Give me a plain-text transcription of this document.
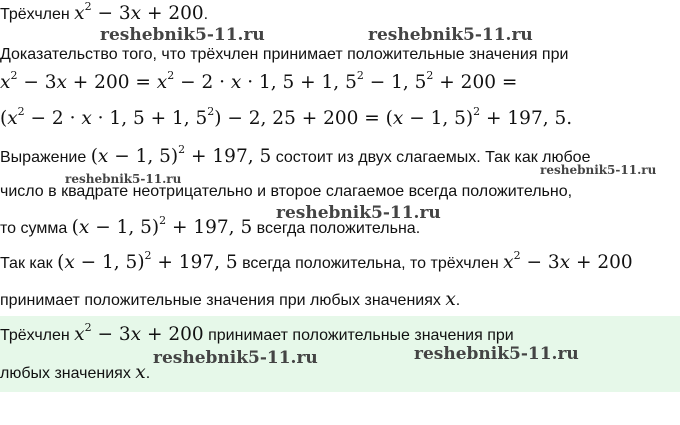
Трёхчлен $x^2 - 3x + 200$.
Доказательство того, что трёхчлен принимает положительные значения при
$x^2 - 3x + 200 = x^2 - 2 \cdot x \cdot 1$, 5 + 1, $5^2 - 1$, $5^2 + 200$ =
($x^2 - 2 \cdot x \cdot 1$, 5 + 1, $5^2) - 2$, 25 + 200 = (x − 1, 5)$^2$ + 197, 5.
Выражение (x − 1, 5)$^2$ + 197, 5 состоит из двух слагаемых. Так как любое
число в квадрате неотрицательно и второе слагаемое всегда положительно,
то сумма (x − 1, 5)$^2$ + 197, 5 всегда положительна.
Так как (x − 1, 5)$^2$ + 197, 5 всегда положительна, то трёхчлен $x^2 - 3x + 200$
принимает положительные значения при любых значениях x.
Трёхчлен $x^2 - 3x + 200$ принимает положительные значения при
любых значениях x.
reshebnik5-11.ru	reshebnik5-11.ru
reshebnik5-11.ru
reshebnik5-11.ru
reshebnik5-11.ru
reshebnik5-11.ru	reshebnik5-11.ru
